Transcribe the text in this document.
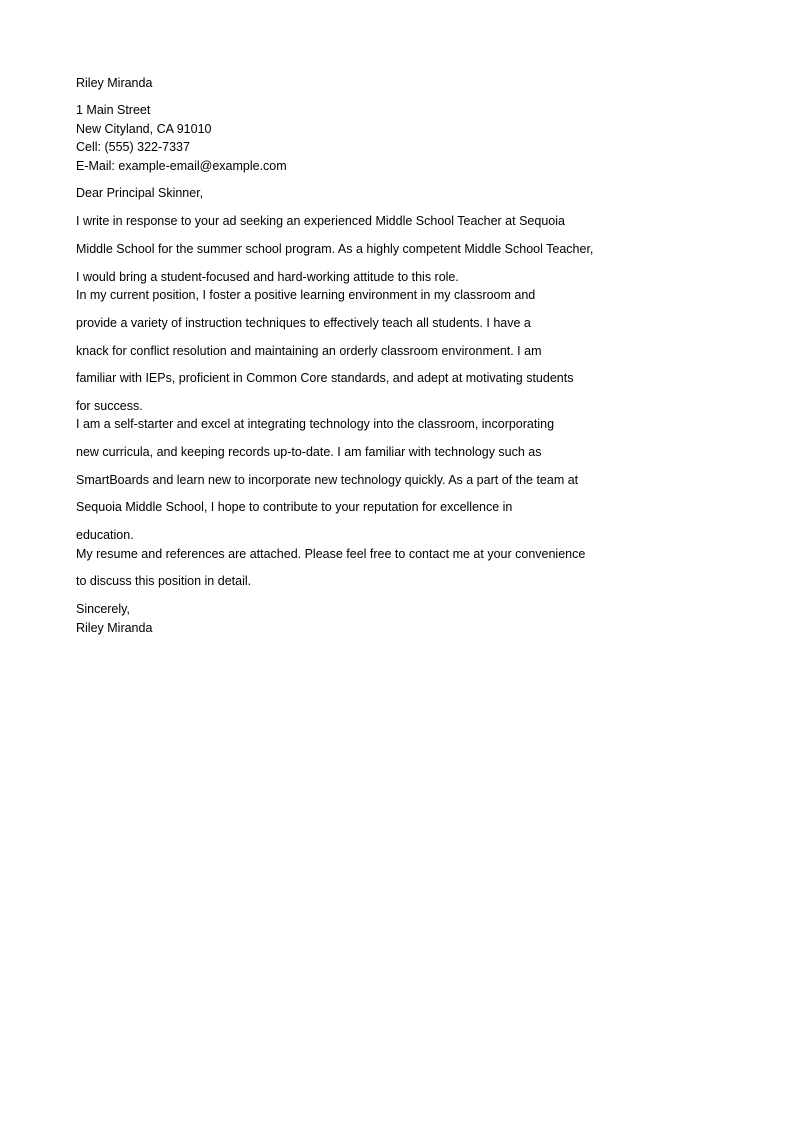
Riley Miranda
1 Main Street
New Cityland, CA 91010
Cell: (555) 322-7337
E-Mail: example-email@example.com
Dear Principal Skinner,
I write in response to your ad seeking an experienced Middle School Teacher at Sequoia
Middle School for the summer school program. As a highly competent Middle School Teacher,
I would bring a student-focused and hard-working attitude to this role.
In my current position, I foster a positive learning environment in my classroom and
provide a variety of instruction techniques to effectively teach all students. I have a
knack for conflict resolution and maintaining an orderly classroom environment. I am
familiar with IEPs, proficient in Common Core standards, and adept at motivating students
for success.
I am a self-starter and excel at integrating technology into the classroom, incorporating
new curricula, and keeping records up-to-date. I am familiar with technology such as
SmartBoards and learn new to incorporate new technology quickly. As a part of the team at
Sequoia Middle School, I hope to contribute to your reputation for excellence in
education.
My resume and references are attached. Please feel free to contact me at your convenience
to discuss this position in detail.
Sincerely,
Riley Miranda
